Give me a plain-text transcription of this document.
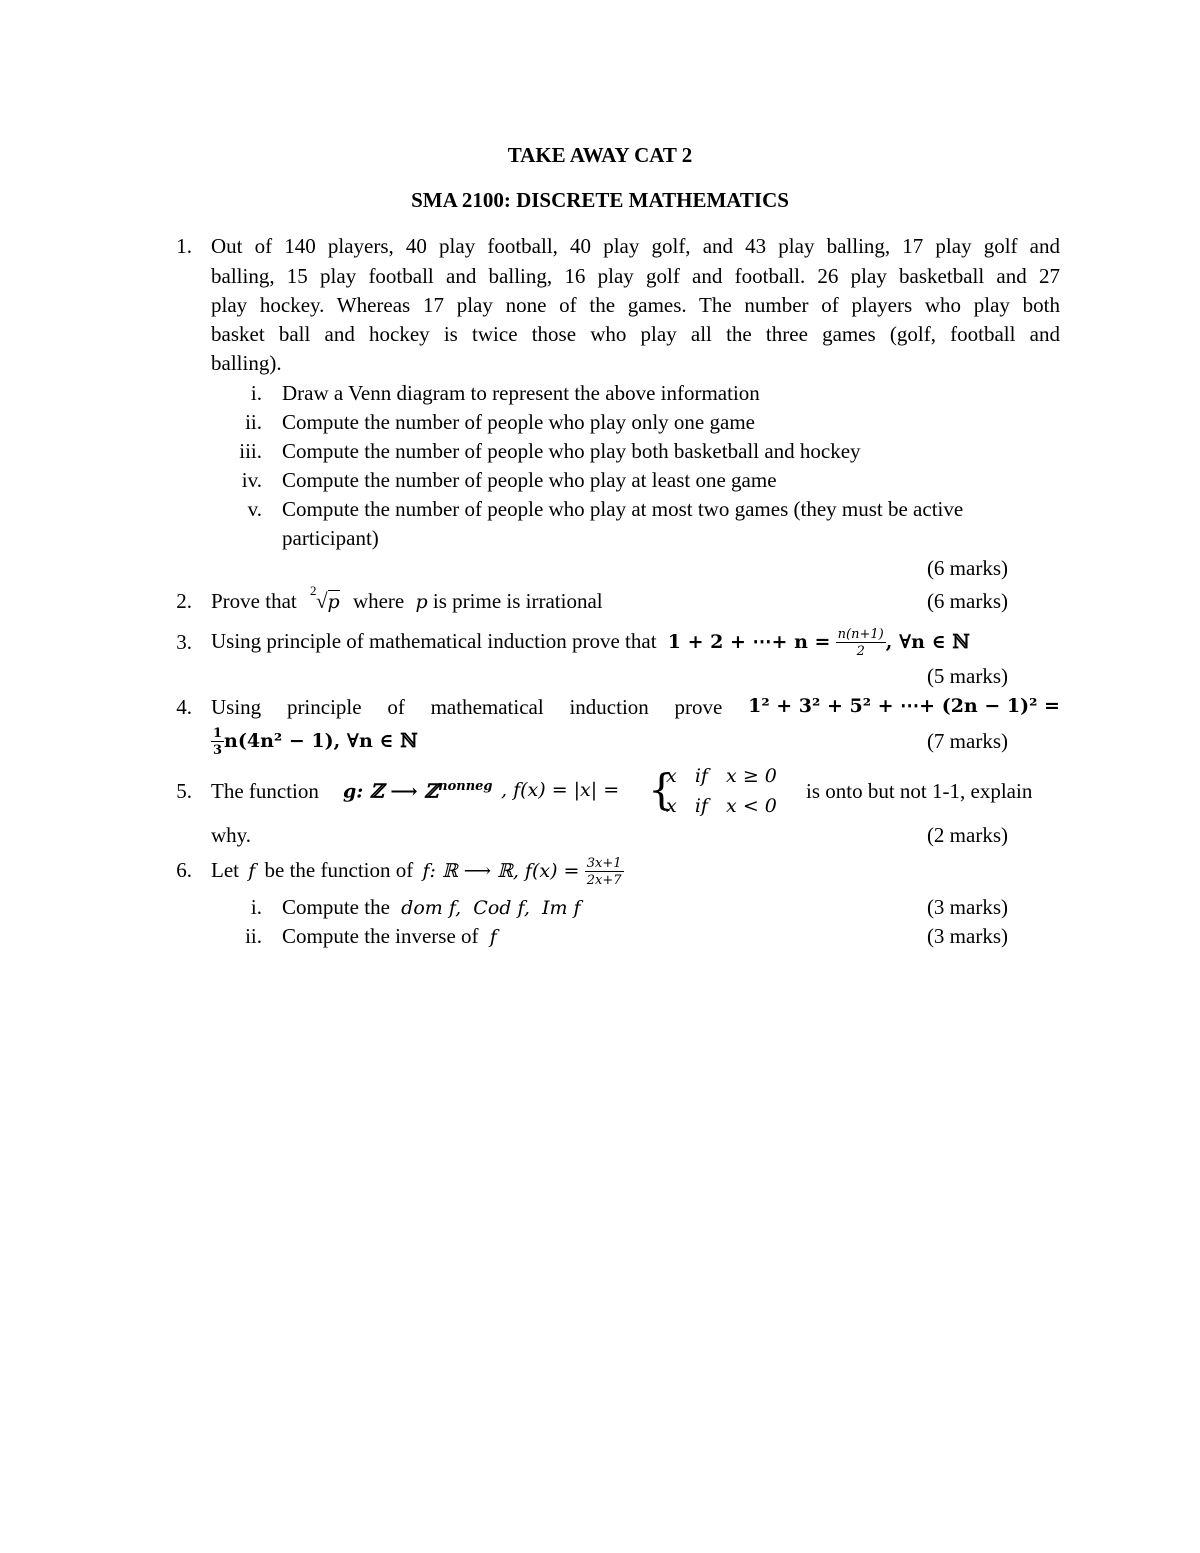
TAKE AWAY CAT 2
SMA 2100: DISCRETE MATHEMATICS
1. Out of 140 players, 40 play football, 40 play golf, and 43 play balling, 17 play golf and
balling, 15 play football and balling, 16 play golf and football. 26 play basketball and 27
play hockey. Whereas 17 play none of the games. The number of players who play both
basket ball and hockey is twice those who play all the three games (golf, football and
balling).
i. Draw a Venn diagram to represent the above information
ii. Compute the number of people who play only one game
iii. Compute the number of people who play both basketball and hockey
iv. Compute the number of people who play at least one game
v. Compute the number of people who play at most two games (they must be active
participant)
(6 marks)
2. Prove that 2 √p where p is prime is irrational	(6 marks)
3. Using principle of mathematical induction prove that 1 + 2 + ⋯+ $n = \frac{n(n+1)}{2}$ , ∀n ∈ ℕ
(5 marks)
4. Using principle of mathematical induction prove 1² + 3² + 5² + ⋯+ (2n − 1)² =
$\frac{1}{3} n(4n^2 - 1)$, ∀n ∈ ℕ	(7 marks)
5. The function g: ℤ ⟶ ℤ$^{nonneg}$ , f(x) = |x| = {
x   if   x ≥ 0
x   if   x < 0
is onto but not 1-1, explain
why.	(2 marks)
6. Let f be the function of f: ℝ ⟶ ℝ, $f(x) = \frac{3x+1}{2x+7}$
i. Compute the dom f,  Cod f,  Im f	(3 marks)
ii. Compute the inverse of f	(3 marks)
